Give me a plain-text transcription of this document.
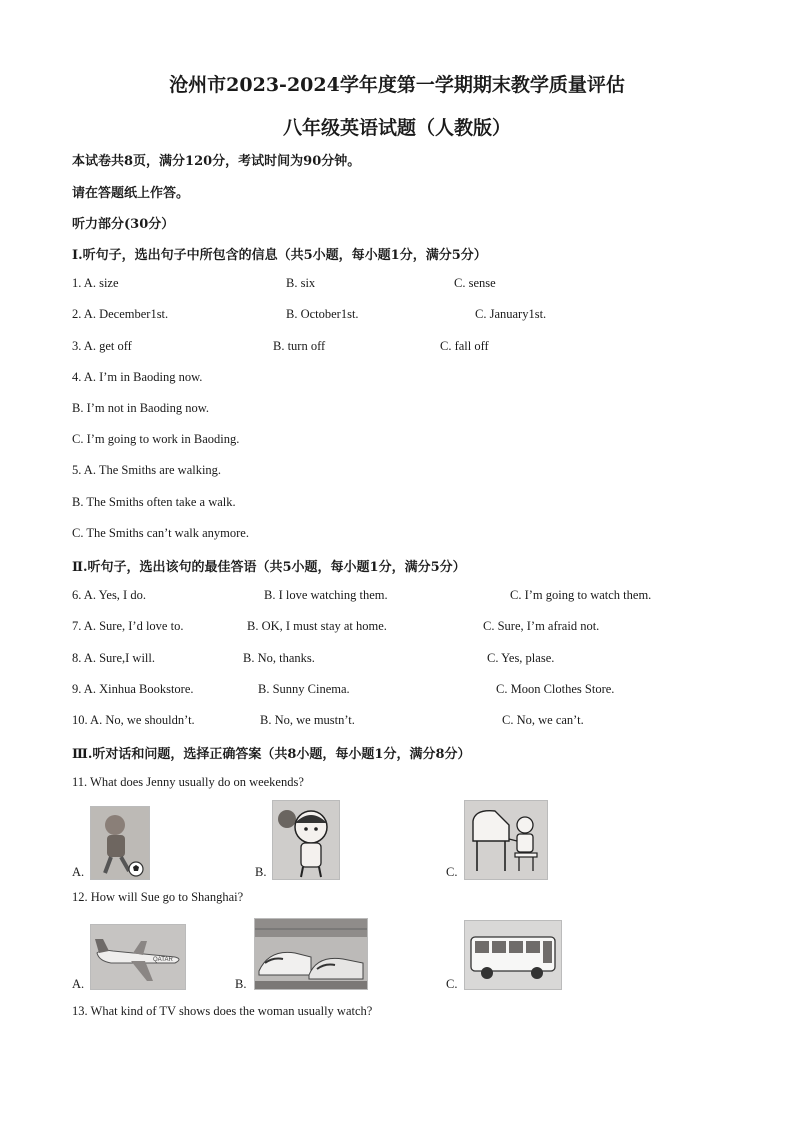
沧州市2023-2024学年度第一学期期末教学质量评估
八年级英语试题（人教版）
本试卷共8页，满分120分，考试时间为90分钟。
请在答题纸上作答。
听力部分(30分）
Ⅰ.听句子，选出句子中所包含的信息（共5小题，每小题1分，满分5分）
1. A. size	B. six	C. sense
2. A. December1st.	B. October1st.	C. January1st.
3. A. get off	B. turn off	C. fall off
4. A. I’m in Baoding now.
B. I’m not in Baoding now.
C. I’m going to work in Baoding.
5. A. The Smiths are walking.
B. The Smiths often take a walk.
C. The Smiths can’t walk anymore.
Ⅱ.听句子，选出该句的最佳答语（共5小题，每小题1分，满分5分）
6. A. Yes, I do.	B. I love watching them.	C. I’m going to watch them.
7. A. Sure, I’d love to.	B. OK, I must stay at home.	C. Sure, I’m afraid not.
8. A. Sure,I will.	B. No, thanks.	C. Yes, plase.
9. A. Xinhua Bookstore.	B. Sunny Cinema.	C. Moon Clothes Store.
10. A. No, we shouldn’t.	B. No, we mustn’t.	C. No, we can’t.
Ⅲ.听对话和问题，选择正确答案（共8小题，每小题1分，满分8分）
11. What does Jenny usually do on weekends?
A.	B.	C.
12. How will Sue go to Shanghai?
A.
QATAR
B.	C.
13. What kind of TV shows does the woman usually watch?
